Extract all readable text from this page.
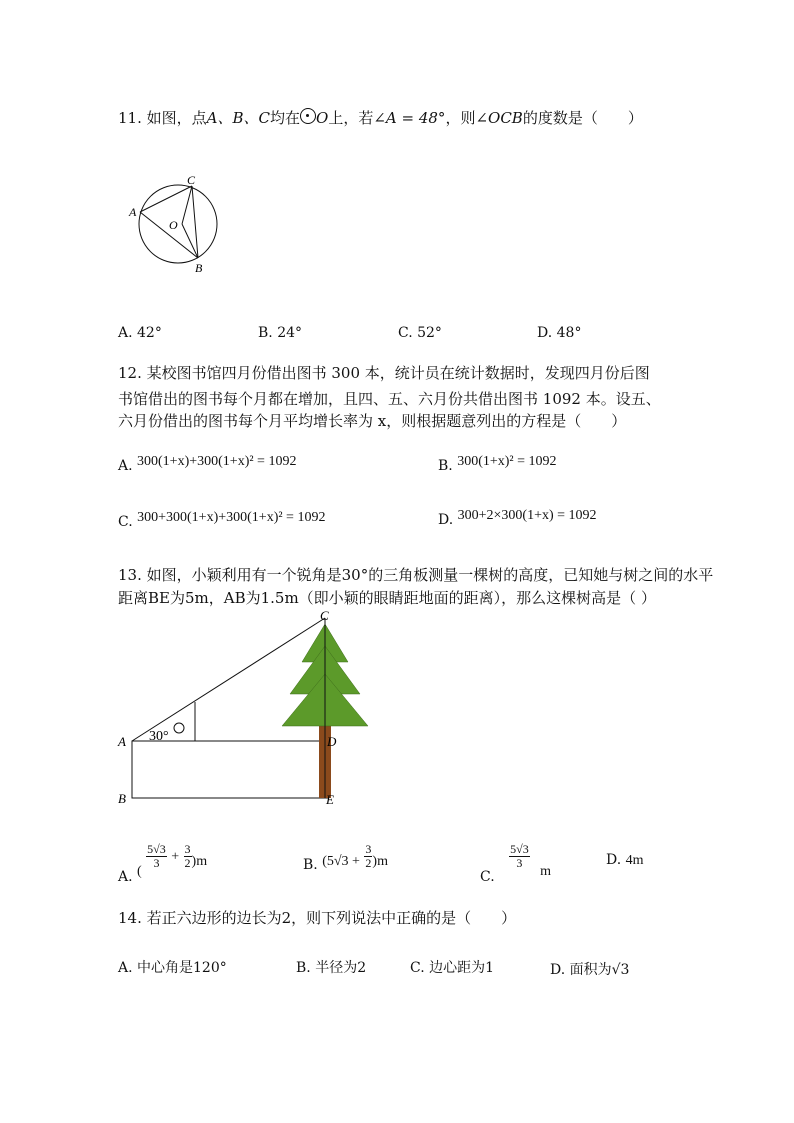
11. 如图，点A、B、C均在 O上，若∠A = 48°，则∠OCB的度数是（　　）
C
A
O
B
A. 42°	B. 24°	C. 52°	D. 48°
12. 某校图书馆四月份借出图书 300 本，统计员在统计数据时，发现四月份后图
书馆借出的图书每个月都在增加，且四、五、六月份共借出图书 1092 本。设五、
六月份借出的图书每个月平均增长率为 x，则根据题意列出的方程是（　　）
A. 300(1+x)+300(1+x)² = 1092	B. 300(1+x)² = 1092
C. 300+300(1+x)+300(1+x)² = 1092	D. 300+2×300(1+x) = 1092
13. 如图，小颖利用有一个锐角是30°的三角板测量一棵树的高度，已知她与树之间的水平
距离BE为5m，AB为1.5m（即小颖的眼睛距地面的距离），那么这棵树高是（ ）
30°
C
A	D
B	E
A. (
$\frac{5√3}{3} + \frac{3}{2} )m$	B. $(5√3 + \frac{3}{2} )m$
C.
$\frac{5√3}{3}$
m
D. 4m
14. 若正六边形的边长为2，则下列说法中正确的是（　　）
A. 中心角是120°	B. 半径为2	C. 边心距为1	D. 面积为√3
